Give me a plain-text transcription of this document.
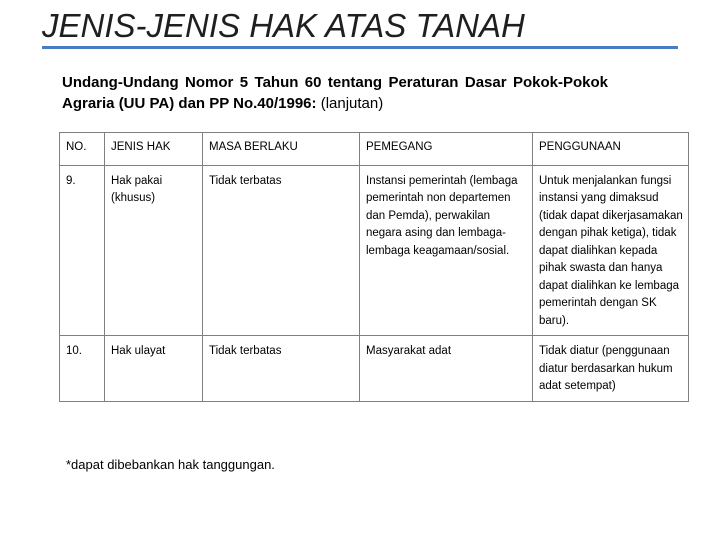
JENIS-JENIS HAK ATAS TANAH
Undang-Undang Nomor 5 Tahun 60 tentang Peraturan Dasar Pokok-Pokok Agraria (UU PA) dan PP No.40/1996: (lanjutan)
NO.	JENIS HAK	MASA BERLAKU	PEMEGANG	PENGGUNAAN
9.	Hak pakai (khusus)	Tidak terbatas	Instansi pemerintah (lembaga pemerintah non departemen dan Pemda), perwakilan negara asing dan lembaga-lembaga keagamaan/sosial.	Untuk menjalankan fungsi instansi yang dimaksud (tidak dapat dikerjasamakan dengan pihak ketiga), tidak dapat dialihkan kepada pihak swasta dan hanya dapat dialihkan ke lembaga pemerintah dengan SK baru).
10.	Hak ulayat	Tidak terbatas	Masyarakat adat	Tidak diatur (penggunaan diatur berdasarkan hukum adat setempat)
*dapat dibebankan hak tanggungan.
